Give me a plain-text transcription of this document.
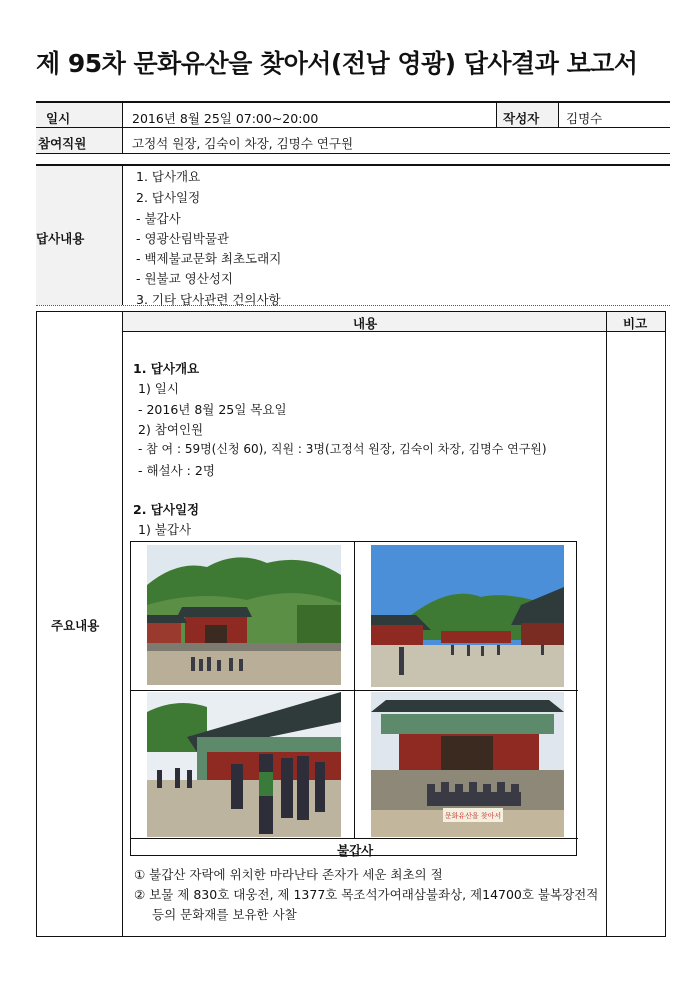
제 95차 문화유산을 찾아서(전남 영광) 답사결과 보고서
일시	2016년 8월 25일 07:00~20:00	작성자 김명수
참여직원	고정석 원장, 김숙이 차장, 김명수 연구원
답사내용
1. 답사개요
2. 답사일정
- 불갑사
- 영광산림박물관
- 백제불교문화 최초도래지
- 원불교 영산성지
3. 기타 답사관련 건의사항
주요내용
내용	비고
1. 답사개요
1) 일시
- 2016년 8월 25일 목요일
2) 참여인원
- 참 여 : 59명(신청 60), 직원 : 3명(고정석 원장, 김숙이 차장, 김명수 연구원)
- 해설사 : 2명
2. 답사일정
1) 불갑사
문화유산을 찾아서
불갑사
① 불갑산 자락에 위치한 마라난타 존자가 세운 최초의 절
② 보물 제 830호 대웅전, 제 1377호 목조석가여래삼불좌상, 제14700호 불복장전적
등의 문화재를 보유한 사찰
